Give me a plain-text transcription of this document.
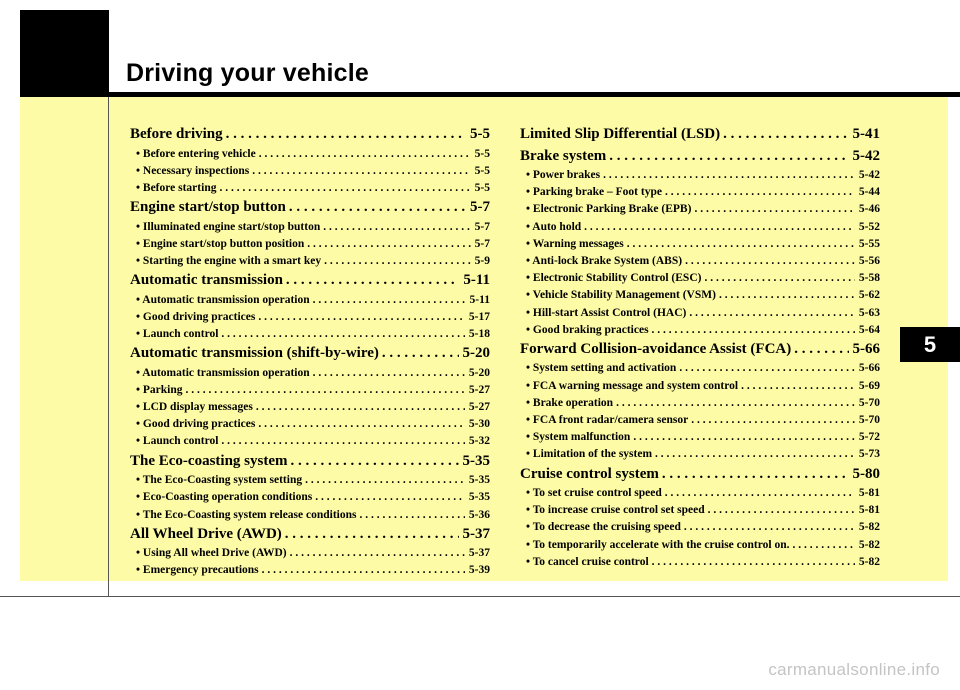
Driving your vehicle
Before driving . . .	5-5
• Before entering vehicle . . .	5-5
• Necessary inspections . . .	5-5
• Before starting . . .	5-5
Engine start/stop button . . .	5-7
• Illuminated engine start/stop button . . .	5-7
• Engine start/stop button position . . .	5-7
• Starting the engine with a smart key . . .	5-9
Automatic transmission . . .	5-11
• Automatic transmission operation . . .	5-11
• Good driving practices . . .	5-17
• Launch control . . .	5-18
Automatic transmission (shift-by-wire) . . .	5-20
• Automatic transmission operation . . .	5-20
• Parking . . .	5-27
• LCD display messages . . .	5-27
• Good driving practices . . .	5-30
• Launch control . . .	5-32
The Eco-coasting system . . .	5-35
• The Eco-Coasting system setting . . .	5-35
• Eco-Coasting operation conditions . . .	5-35
• The Eco-Coasting system release conditions . . .	5-36
All Wheel Drive (AWD) . . .	5-37
• Using All wheel Drive (AWD) . . .	5-37
• Emergency precautions . . .	5-39
Limited Slip Differential (LSD) . . .	5-41
Brake system . . .	5-42
• Power brakes . . .	5-42
• Parking brake – Foot type . . .	5-44
• Electronic Parking Brake (EPB) . . .	5-46
• Auto hold . . .	5-52
• Warning messages . . .	5-55
• Anti-lock Brake System (ABS) . . .	5-56
• Electronic Stability Control (ESC) . . .	5-58
• Vehicle Stability Management (VSM) . . .	5-62
• Hill-start Assist Control (HAC) . . .	5-63
• Good braking practices . . .	5-64
Forward Collision-avoidance Assist (FCA) . . .	5-66
• System setting and activation . . .	5-66
• FCA warning message and system control . . .	5-69
• Brake operation . . .	5-70
• FCA front radar/camera sensor . . .	5-70
• System malfunction . . .	5-72
• Limitation of the system . . .	5-73
Cruise control system . . .	5-80
• To set cruise control speed . . .	5-81
• To increase cruise control set speed . . .	5-81
• To decrease the cruising speed . . .	5-82
• To temporarily accelerate with the cruise control on. . . .	5-82
• To cancel cruise control . . .	5-82
5
carmanualsonline.info
